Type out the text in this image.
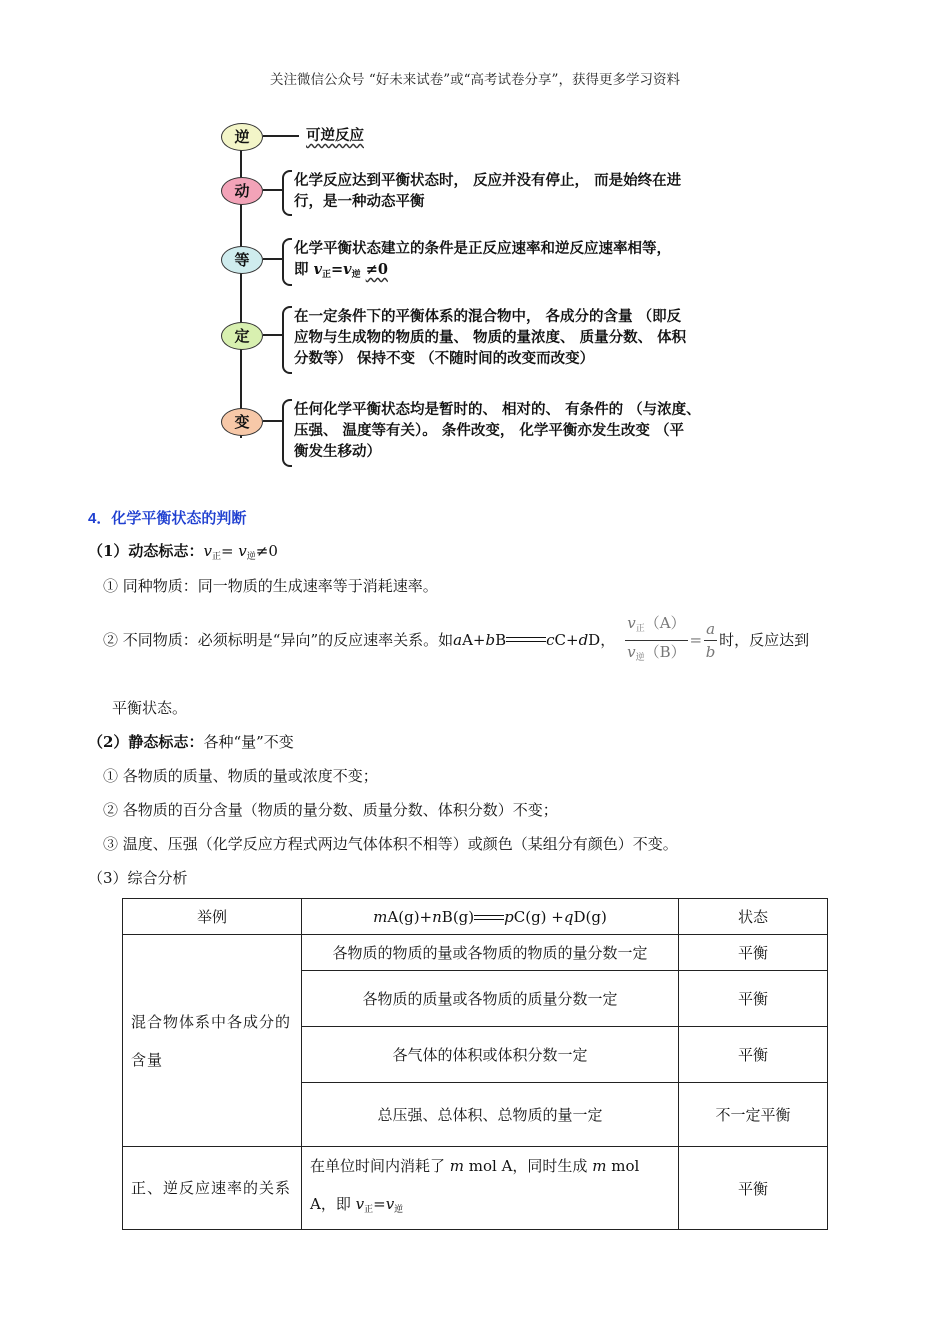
关注微信公众号 “好未来试卷”或“高考试卷分享”，获得更多学习资料
逆	可逆反应
动
化学反应达到平衡状态时， 反应并没有停止， 而是始终在进
行，是一种动态平衡
等
化学平衡状态建立的条件是正反应速率和逆反应速率相等，
即 $v_正=v_逆 \ne 0$
定
在一定条件下的平衡体系的混合物中， 各成分的含量 （即反
应物与生成物的物质的量、 物质的量浓度、 质量分数、 体积
分数等） 保持不变 （不随时间的改变而改变）
变
任何化学平衡状态均是暂时的、 相对的、 有条件的 （与浓度、
压强、 温度等有关）。 条件改变， 化学平衡亦发生改变 （平
衡发生移动）
4．化学平衡状态的判断
（1）动态标志：$v_正= v_逆\ne 0$
① 同种物质：同一物质的生成速率等于消耗速率。
② 不同物质：必须标明是“异向”的反应速率关系。如 a A+ b B	c C+ d D， $\frac{v_正(A)}{v_逆(B)} = \frac{a}{b}$ 时，反应达到
平衡状态。
（2）静态标志：各种“量”不变
① 各物质的质量、物质的量或浓度不变；
② 各物质的百分含量（物质的量分数、质量分数、体积分数）不变；
③ 温度、压强（化学反应方程式两边气体体积不相等）或颜色（某组分有颜色）不变。
（3）综合分析
举例	mA(g)+nB(g) pC(g) +qD(g)	状态
混合物体系中各成分的含量	各物质的物质的量或各物质的物质的量分数一定	平衡
	各物质的质量或各物质的质量分数一定	平衡
	各气体的体积或体积分数一定	平衡
	总压强、总体积、总物质的量一定	不一定平衡
正、逆反应速率的关系	在单位时间内消耗了 m mol A，同时生成 m mol
A，即 $v_正=v_逆$	平衡
